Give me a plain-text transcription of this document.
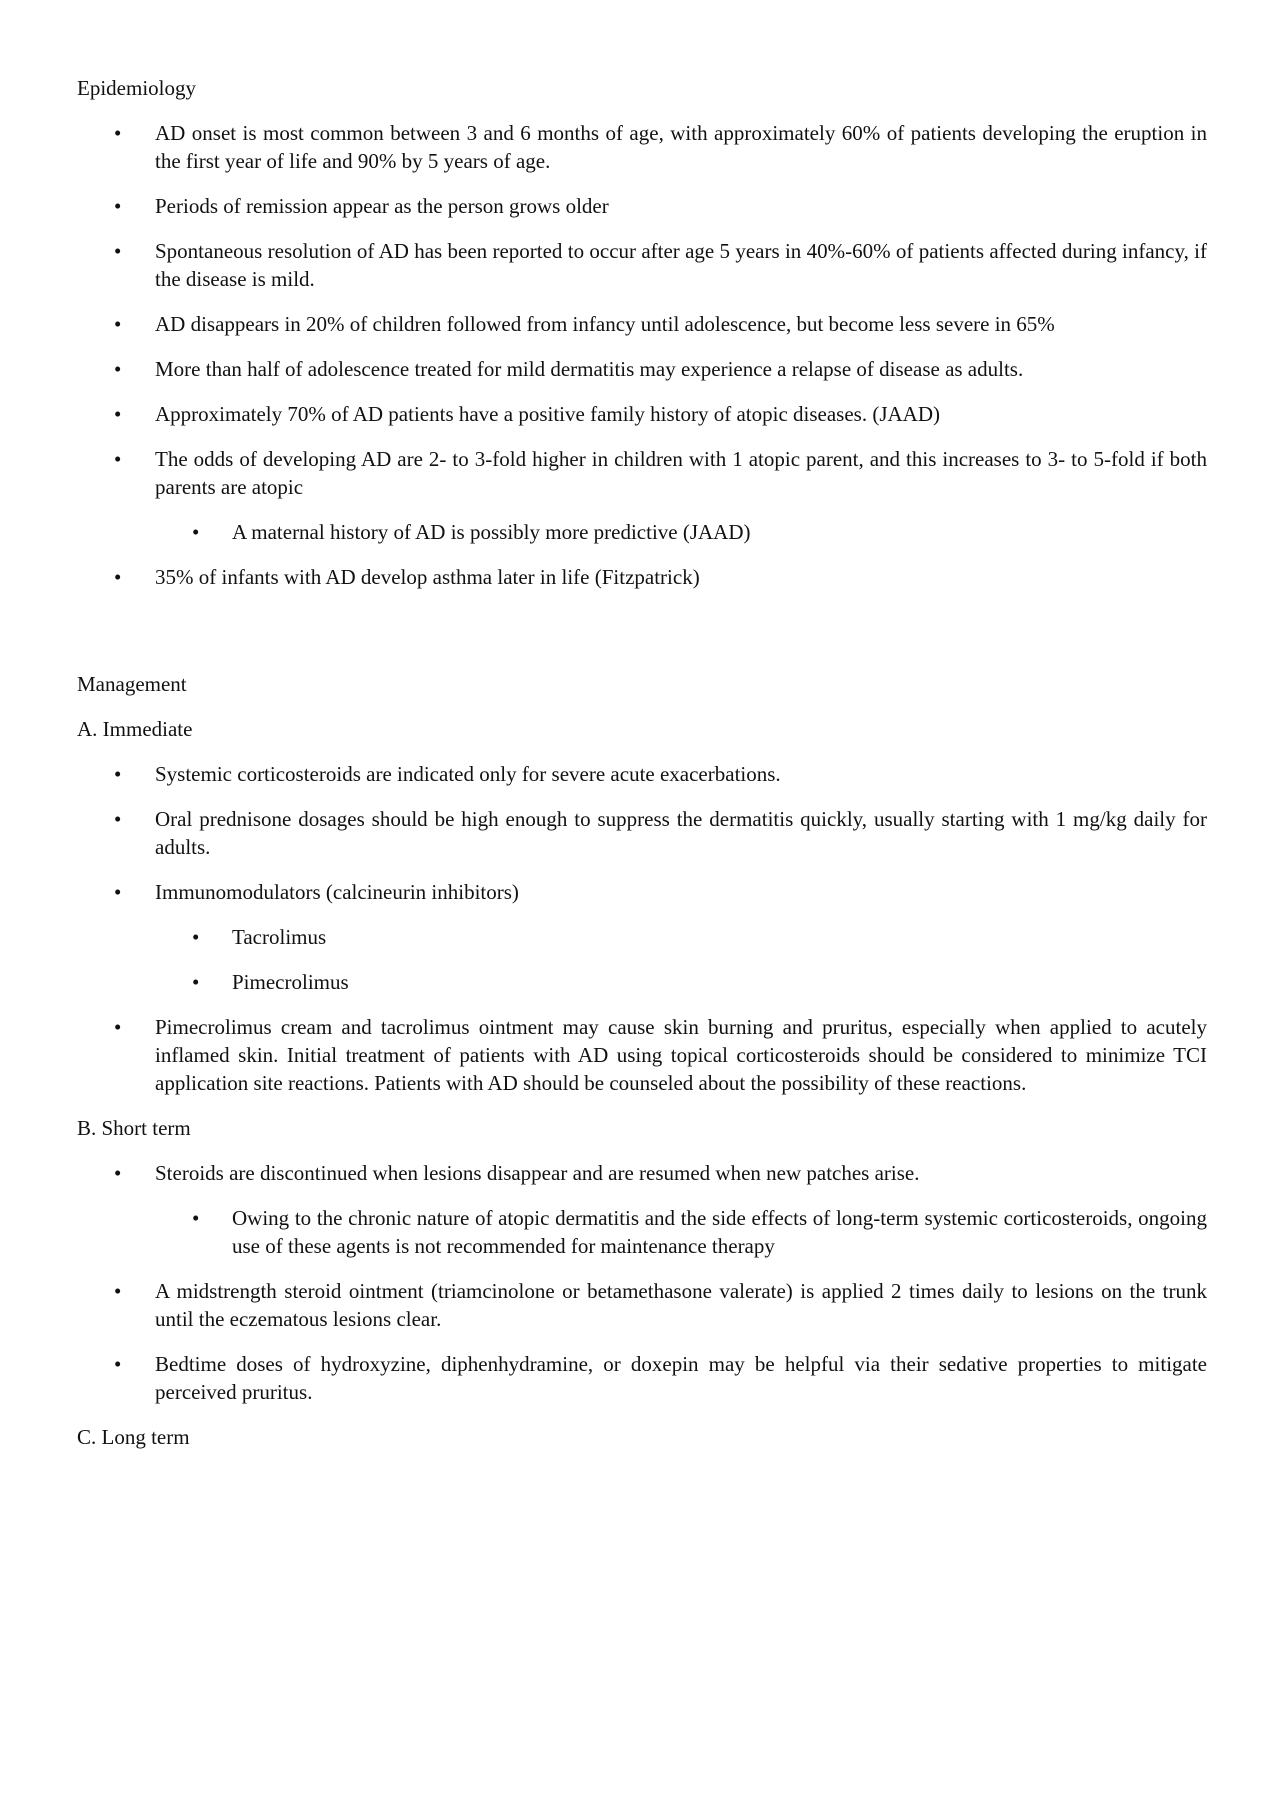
Epidemiology

• AD onset is most common between 3 and 6 months of age, with approximately 60% of patients developing the eruption in the first year of life and 90% by 5 years of age.
• Periods of remission appear as the person grows older
• Spontaneous resolution of AD has been reported to occur after age 5 years in 40%-60% of patients affected during infancy, if the disease is mild.
• AD disappears in 20% of children followed from infancy until adolescence, but become less severe in 65%
• More than half of adolescence treated for mild dermatitis may experience a relapse of disease as adults.
• Approximately 70% of AD patients have a positive family history of atopic diseases. (JAAD)
• The odds of developing AD are 2- to 3-fold higher in children with 1 atopic parent, and this increases to 3- to 5-fold if both parents are atopic
• A maternal history of AD is possibly more predictive (JAAD)
• 35% of infants with AD develop asthma later in life (Fitzpatrick)

Management

A. Immediate

• Systemic corticosteroids are indicated only for severe acute exacerbations.
• Oral prednisone dosages should be high enough to suppress the dermatitis quickly, usually starting with 1 mg/kg daily for adults.
• Immunomodulators (calcineurin inhibitors)
• Tacrolimus
• Pimecrolimus
• Pimecrolimus cream and tacrolimus ointment may cause skin burning and pruritus, especially when applied to acutely inflamed skin. Initial treatment of patients with AD using topical corticosteroids should be considered to minimize TCI application site reactions. Patients with AD should be counseled about the possibility of these reactions.

B. Short term

• Steroids are discontinued when lesions disappear and are resumed when new patches arise.
• Owing to the chronic nature of atopic dermatitis and the side effects of long-term systemic corticosteroids, ongoing use of these agents is not recommended for maintenance therapy
• A midstrength steroid ointment (triamcinolone or betamethasone valerate) is applied 2 times daily to lesions on the trunk until the eczematous lesions clear.
• Bedtime doses of hydroxyzine, diphenhydramine, or doxepin may be helpful via their sedative properties to mitigate perceived pruritus.

C. Long term
